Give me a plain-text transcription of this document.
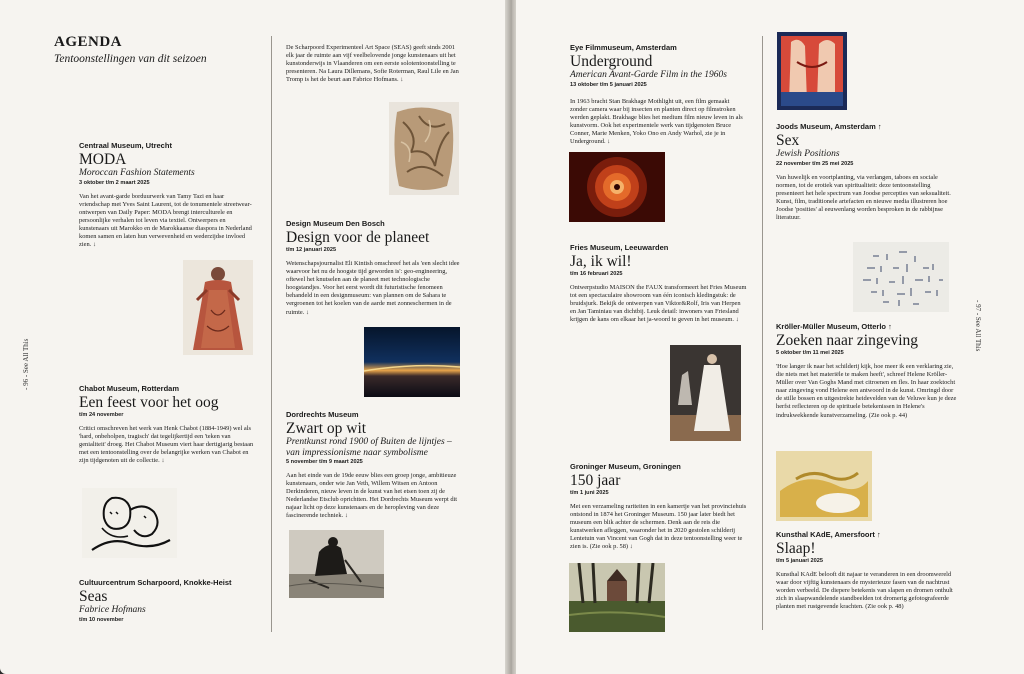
AGENDA

Tentoonstellingen van dit seizoen

- 96 - See All This
Centraal Museum, Utrecht
MODA
Moroccan Fashion Statements
3 oktober t/m 2 maart 2025
Van het avant-garde borduurwerk van Tamy Tazi en haar vriendschap met Yves Saint Laurent, tot de tonumentele streetwear-ontwerpen van Daily Paper: MODA brengt interculturele en persoonlijke verhalen tot leven via textiel. Ontwerpers en kunstenaars uit Marokko en de Marokkaanse diaspora in Nederland komen samen en laten hun verwevenheid en wederzijdse invloed zien. ↓
Chabot Museum, Rotterdam
Een feest voor het oog
t/m 24 november
Critici omschreven het werk van Henk Chabot (1884-1949) wel als 'hard, onbeholpen, tragisch' dat tegelijkertijd een 'teken van genialiteit' droeg. Het Chabot Museum viert haar dertigjarig bestaan met een tentoonstelling over de belangrijke werken van Chabot en zijn tijdgenoten uit de collectie. ↓
Cultuurcentrum Scharpoord, Knokke-Heist
Seas
Fabrice Hofmans
t/m 10 november
De Scharpoord Experimenteel Art Space (SEAS) geeft sinds 2001 elk jaar de ruimte aan vijf veelbelovende jonge kunstenaars uit het kunstonderwijs in Vlaanderen om een eerste solotentoonstelling te presenteren. Na Laura Dillemans, Sofie Roterman, Raul Lile en Jan Tromp is het de beurt aan Fabrice Hofmans. ↓
Design Museum Den Bosch
Design voor de planeet
t/m 12 januari 2025
Wetenschapsjournalist Eli Kintish omschreef het als 'een slecht idee waarvoor het nu de hoogste tijd geworden is': geo-engineering, oftewel het knutselen aan de planeet met technologische hoogstandjes. Voor het eerst wordt dit futuristische fenomeen behandeld in een designmuseum: van plannen om de Sahara te vergroenen tot het koelen van de aarde met zonneschermen in de ruimte. ↓
Dordrechts Museum
Zwart op wit
Prentkunst rond 1900 of Buiten de lijntjes – van impressionisme naar symbolisme
5 november t/m 9 maart 2025
Aan het einde van de 19de eeuw blies een groep jonge, ambitieuze kunstenaars, onder wie Jan Veth, Willem Witsen en Antoon Derkinderen, nieuw leven in de kunst van het etsen toen zij de Nederlandse Etsclub oprichtten. Het Dordrechts Museum werpt dit najaar licht op deze kunstenaars en de heropleving van deze fascinerende techniek. ↓
- 97 - See All This
Eye Filmmuseum, Amsterdam
Underground
American Avant-Garde Film in the 1960s
13 oktober t/m 5 januari 2025
In 1963 bracht Stan Brakhage Mothlight uit, een film gemaakt zonder camera waar bij insecten en planten direct op filmstroken werden geplakt. Brakhage blies het medium film nieuw leven in als kunstvorm. Ook het experimentele werk van tijdgenoten Bruce Conner, Marie Menken, Yoko Ono en Andy Warhol, zie je in Underground. ↓
Fries Museum, Leeuwarden
Ja, ik wil!
t/m 16 februari 2025
Ontwerpstudio MAISON the FAUX transformeert het Fries Museum tot een spectaculaire showroom van één iconisch kledingstuk: de bruidsjurk. Bekijk de ontwerpen van Viktor&Rolf, Iris van Herpen en Jan Taminiau van dichtbij. Leuk detail: inwoners van Friesland krijgen de kans om elkaar het ja-woord te geven in het museum. ↓
Groninger Museum, Groningen
150 jaar
t/m 1 juni 2025
Met een verzameling rariteiten in een kamertje van het provinciehuis ontstond in 1874 het Groninger Museum. 150 jaar later biedt het museum een blik achter de schermen. Denk aan de reis die kunstwerken afleggen, waaronder het in 2020 gestolen schilderij Lentetuin van Vincent van Gogh dat in deze tentoonstelling weer te zien is. (Zie ook p. 58) ↓
Joods Museum, Amsterdam ↑
Sex
Jewish Positions
22 november t/m 25 mei 2025
Van huwelijk en voortplanting, via verlangen, taboes en sociale normen, tot de erotiek van spiritualiteit: deze tentoonstelling presenteert het hele spectrum van Joodse percepties van seksualiteit. Kunst, film, traditionele artefacten en nieuwe media illustreren hoe Joodse 'posities' al eeuwenlang worden besproken in de rabbijnse literatuur.
Kröller-Müller Museum, Otterlo ↑
Zoeken naar zingeving
5 oktober t/m 11 mei 2025
'Hoe langer ik naar het schilderij kijk, hoe meer ik een verklaring zie, die niets met het materiële te maken heeft', schreef Helene Kröller-Müller over Van Goghs Mand met citroenen en fles. In haar zoektocht naar zingeving vond Helene een antwoord in de kunst. Omringd door de stille bossen en uitgestrekte heidevelden van de Veluwe kun je deze herfst reflecteren op de spirituele betekenissen in Helene's indrukwekkende kunstverzameling. (Zie ook p. 44)
Kunsthal KAdE, Amersfoort ↑
Slaap!
t/m 5 januari 2025
Kunsthal KAdE belooft dit najaar te veranderen in een droomwereld waar door vijftig kunstenaars de mysterieuze fasen van de nachtrust worden verbeeld. De diepere betekenis van slapen en dromen onthult zich in slaapwandelende standbeelden tot dromerig gefotografeerde planten met rustgevende krachten. (Zie ook p. 48)
